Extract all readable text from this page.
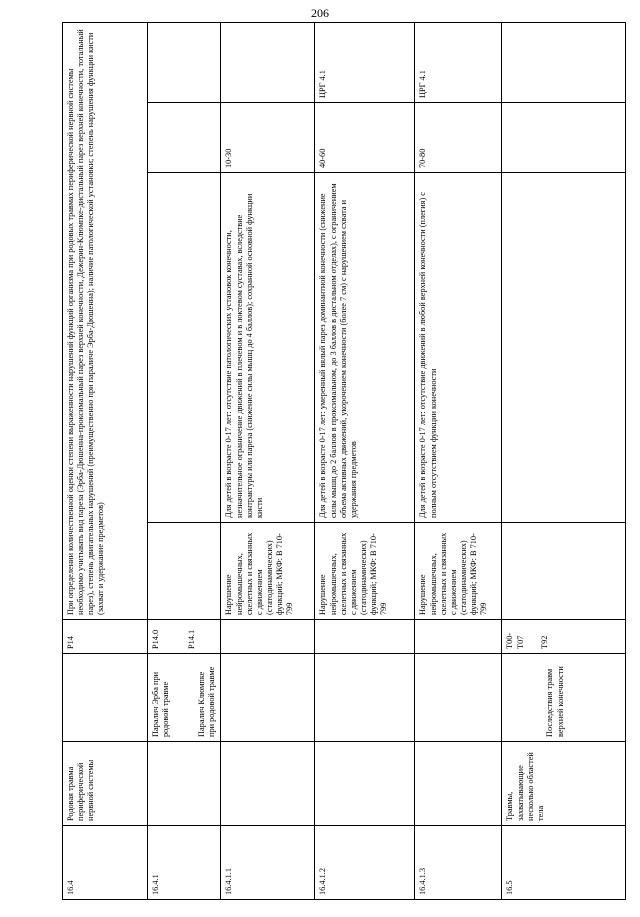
206
16.4	Родовая травма периферической нервной системы		P14	При определении количественной оценки степени выраженности нарушений функций организма при родовых травмах периферической нервной системы необходимо учитывать вид пареза (Эрба-Дюшенна-проксимальный парез верхней конечности, Дежерин-Клюмпке-дистальный парез верхней конечности, тотальный парез), степень двигательных нарушений (преимущественно при параличе Эрба-Дюшенна); наличие патологической установки; степень нарушения функции кисти (захват и удержание предметов)			
16.4.1		Паралич Эрба при родовой травме Паралич Клюмпке при родовой травме	P14.0 P14.1				

16.4.1.1				Нарушение нейромышечных, скелетных и связанных с движением (статодинамических) функций; МКФ: В 710-799	Для детей в возрасте 0-17 лет: отсутствие патологических установок конечности, незначительное ограничение движений в плечевом и в локтевом суставах, вследствие контрактуры или пареза (снижение силы мышц до 4 баллов); сохранной основной функции кисти	10-30	
16.4.1.2				Нарушение нейромышечных, скелетных и связанных с движением (статодинамических) функций; МКФ: В 710-799	Для детей в возрасте 0-17 лет: умеренный вялый парез доминантной конечности (снижение силы мышц до 2 баллов в проксимальном, до 3 баллов в дистальном отделах), с ограничением объема активных движений, укорочением конечности (более 7 см) с нарушением схвата и удержания предметов	40-60	ЦРГ 4.1
16.4.1.3				Нарушение нейромышечных, скелетных и связанных с движением (статодинамических) функций; МКФ: В 710-799	Для детей в возрасте 0-17 лет: отсутствие движений в любой верхней конечности (плегия) с полным отсутствием функции конечности	70-80	ЦРГ 4.1
16.5	Травмы, захватывающие несколько областей тела	Последствия травм верхней конечности	T00-T07 T92				
